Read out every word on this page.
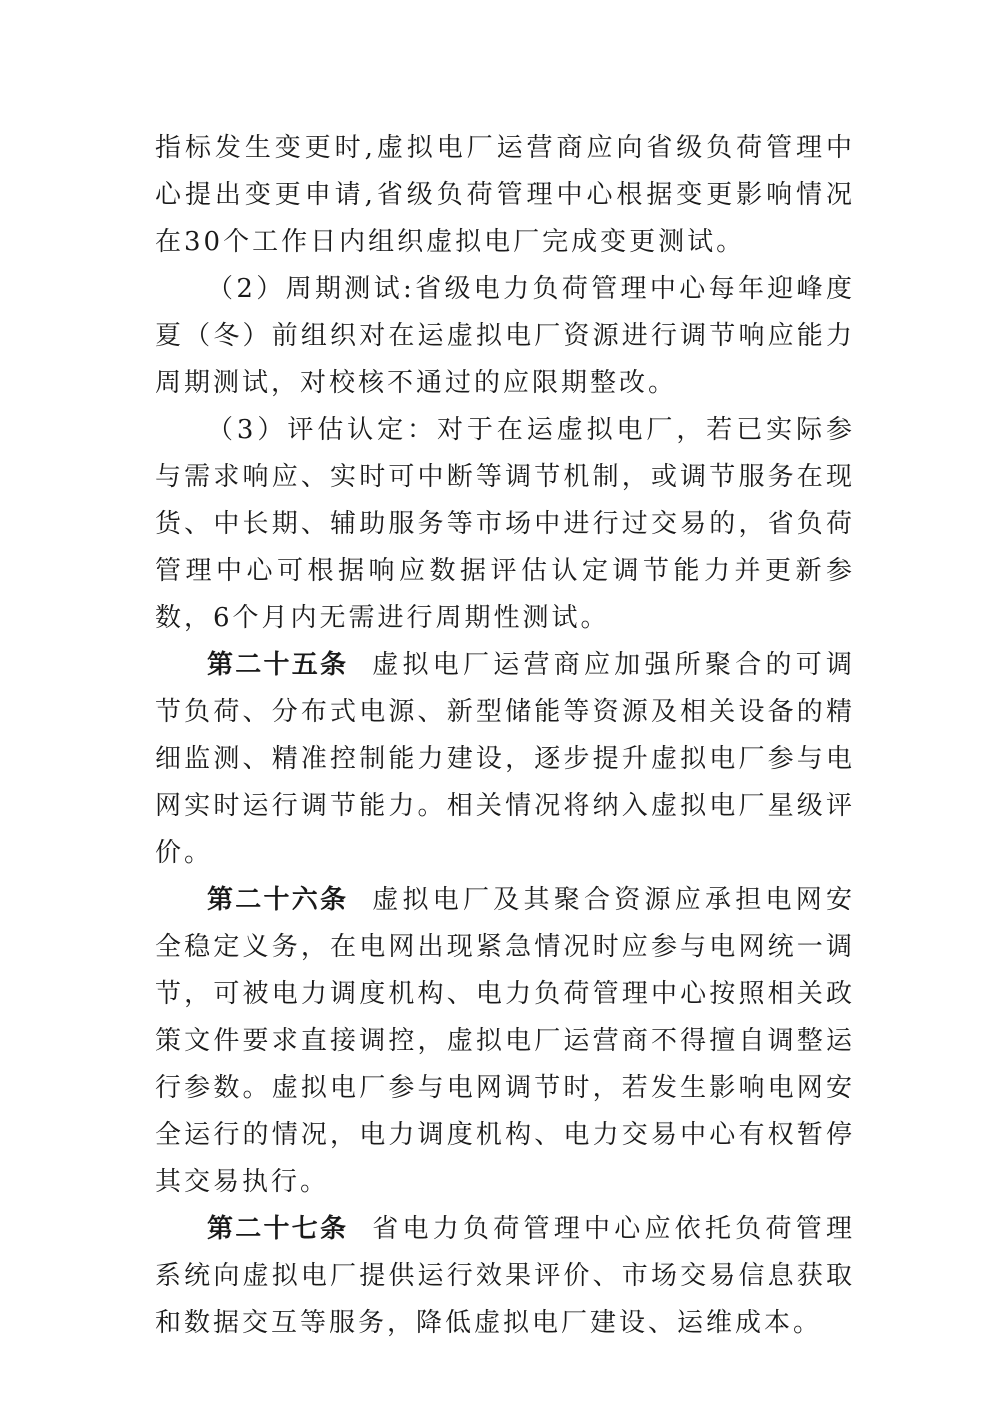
指标发生变更时,虚拟电厂运营商应向省级负荷管理中心提出变更申请,省级负荷管理中心根据变更影响情况在30个工作日内组织虚拟电厂完成变更测试。

（2）周期测试:省级电力负荷管理中心每年迎峰度夏（冬）前组织对在运虚拟电厂资源进行调节响应能力周期测试，对校核不通过的应限期整改。

（3）评估认定：对于在运虚拟电厂，若已实际参与需求响应、实时可中断等调节机制，或调节服务在现货、中长期、辅助服务等市场中进行过交易的，省负荷管理中心可根据响应数据评估认定调节能力并更新参数，6个月内无需进行周期性测试。

第二十五条 虚拟电厂运营商应加强所聚合的可调节负荷、分布式电源、新型储能等资源及相关设备的精细监测、精准控制能力建设，逐步提升虚拟电厂参与电网实时运行调节能力。相关情况将纳入虚拟电厂星级评价。

第二十六条 虚拟电厂及其聚合资源应承担电网安全稳定义务，在电网出现紧急情况时应参与电网统一调节，可被电力调度机构、电力负荷管理中心按照相关政策文件要求直接调控，虚拟电厂运营商不得擅自调整运行参数。虚拟电厂参与电网调节时，若发生影响电网安全运行的情况，电力调度机构、电力交易中心有权暂停其交易执行。

第二十七条 省电力负荷管理中心应依托负荷管理系统向虚拟电厂提供运行效果评价、市场交易信息获取和数据交互等服务，降低虚拟电厂建设、运维成本。
